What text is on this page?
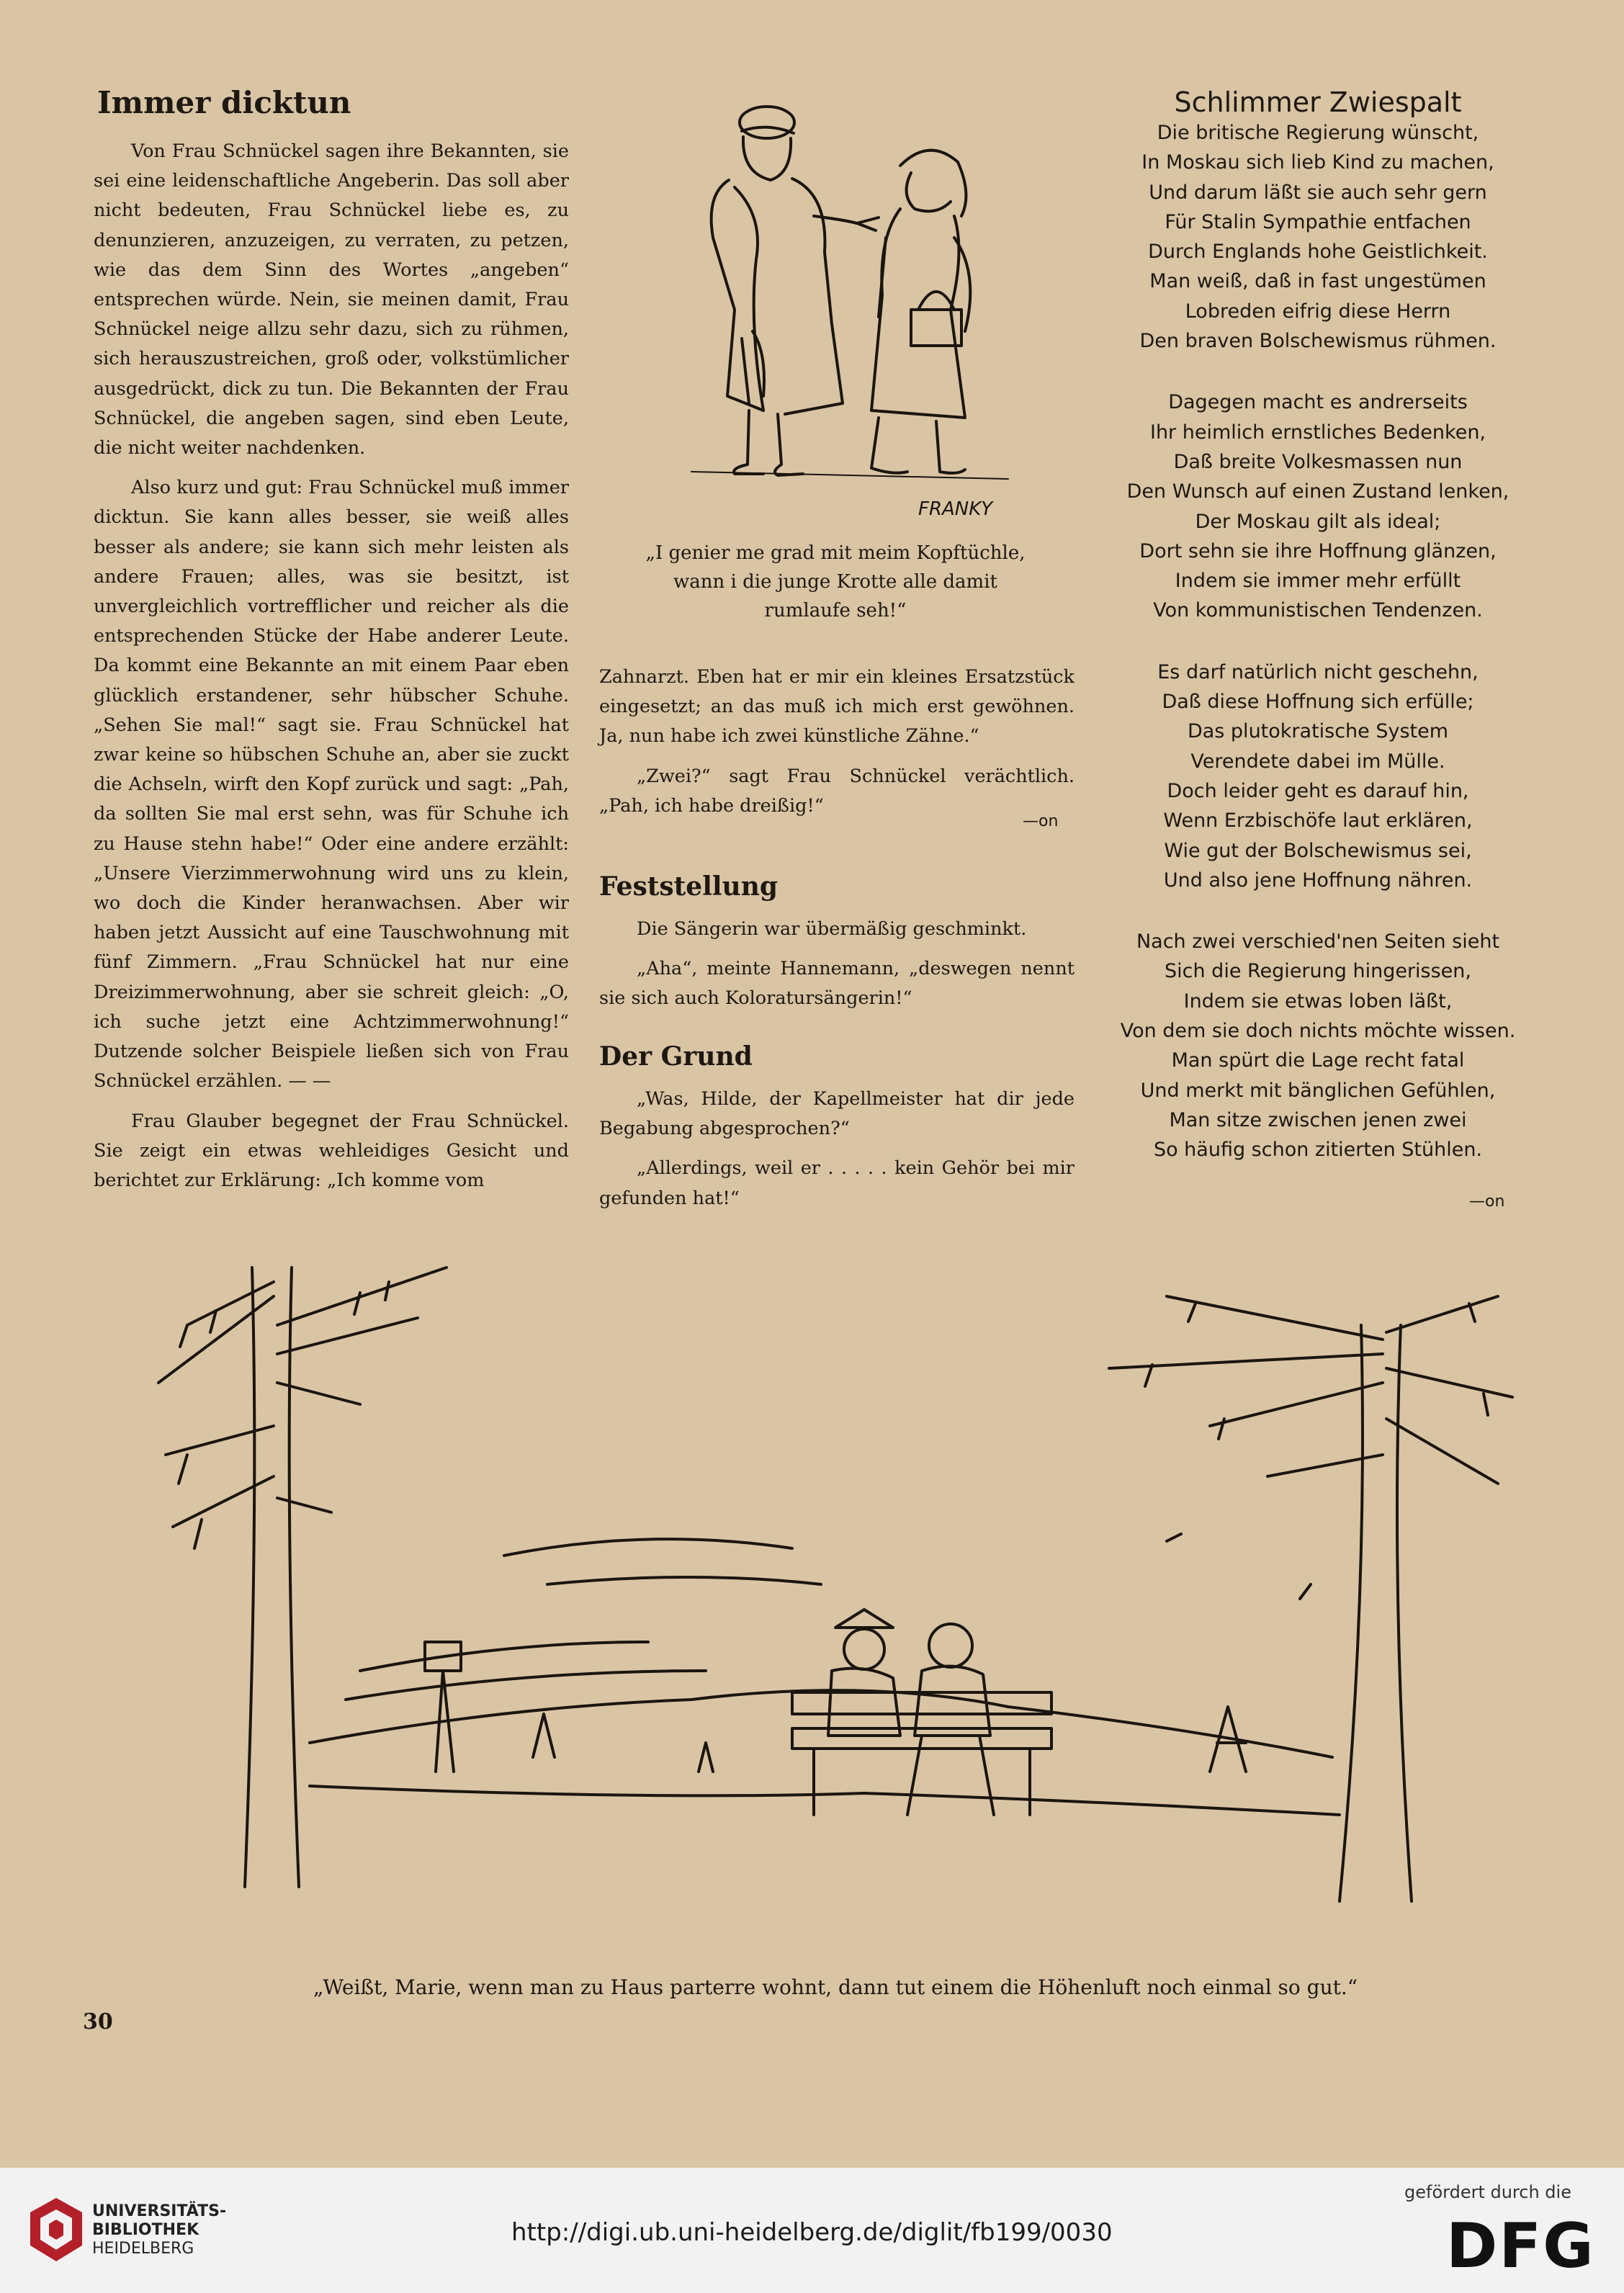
Immer dicktun

Von Frau Schnückel sagen ihre Bekannten, sie sei eine leidenschaftliche Angeberin. Das soll aber nicht bedeuten, Frau Schnückel liebe es, zu denunzieren, anzuzeigen, zu verraten, zu petzen, wie das dem Sinn des Wortes „angeben“ entsprechen würde. Nein, sie meinen damit, Frau Schnückel neige allzu sehr dazu, sich zu rühmen, sich herauszustreichen, groß oder, volkstümlicher ausgedrückt, dick zu tun. Die Bekannten der Frau Schnückel, die angeben sagen, sind eben Leute, die nicht weiter nachdenken.

Also kurz und gut: Frau Schnückel muß immer dicktun. Sie kann alles besser, sie weiß alles besser als andere; sie kann sich mehr leisten als andere Frauen; alles, was sie besitzt, ist unvergleichlich vortrefflicher und reicher als die entsprechenden Stücke der Habe anderer Leute. Da kommt eine Bekannte an mit einem Paar eben glücklich erstandener, sehr hübscher Schuhe. „Sehen Sie mal!“ sagt sie. Frau Schnückel hat zwar keine so hübschen Schuhe an, aber sie zuckt die Achseln, wirft den Kopf zurück und sagt: „Pah, da sollten Sie mal erst sehn, was für Schuhe ich zu Hause stehn habe!“ Oder eine andere erzählt: „Unsere Vierzimmerwohnung wird uns zu klein, wo doch die Kinder heranwachsen. Aber wir haben jetzt Aussicht auf eine Tauschwohnung mit fünf Zimmern. „Frau Schnückel hat nur eine Dreizimmerwohnung, aber sie schreit gleich: „O, ich suche jetzt eine Achtzimmerwohnung!“ Dutzende solcher Beispiele ließen sich von Frau Schnückel erzählen. — —

Frau Glauber begegnet der Frau Schnückel. Sie zeigt ein etwas wehleidiges Gesicht und berichtet zur Erklärung: „Ich komme vom

FRANKY
„I genier me grad mit meim Kopftüchle, wann i die junge Krotte alle damit rumlaufe seh!“

Zahnarzt. Eben hat er mir ein kleines Ersatzstück eingesetzt; an das muß ich mich erst gewöhnen. Ja, nun habe ich zwei künstliche Zähne.“

„Zwei?“ sagt Frau Schnückel verächtlich. „Pah, ich habe dreißig!“

—on
Feststellung

Die Sängerin war übermäßig geschminkt.

„Aha“, meinte Hannemann, „deswegen nennt sie sich auch Koloratursängerin!“

Der Grund

„Was, Hilde, der Kapellmeister hat dir jede Begabung abgesprochen?“

„Allerdings, weil er . . . . . kein Gehör bei mir gefunden hat!“

Schlimmer Zwiespalt
Die britische Regierung wünscht,
In Moskau sich lieb Kind zu machen,
Und darum läßt sie auch sehr gern
Für Stalin Sympathie entfachen
Durch Englands hohe Geistlichkeit.
Man weiß, daß in fast ungestümen
Lobreden eifrig diese Herrn
Den braven Bolschewismus rühmen.
Dagegen macht es andrerseits
Ihr heimlich ernstliches Bedenken,
Daß breite Volkesmassen nun
Den Wunsch auf einen Zustand lenken,
Der Moskau gilt als ideal;
Dort sehn sie ihre Hoffnung glänzen,
Indem sie immer mehr erfüllt
Von kommunistischen Tendenzen.
Es darf natürlich nicht geschehn,
Daß diese Hoffnung sich erfülle;
Das plutokratische System
Verendete dabei im Mülle.
Doch leider geht es darauf hin,
Wenn Erzbischöfe laut erklären,
Wie gut der Bolschewismus sei,
Und also jene Hoffnung nähren.
Nach zwei verschied'nen Seiten sieht
Sich die Regierung hingerissen,
Indem sie etwas loben läßt,
Von dem sie doch nichts möchte wissen.
Man spürt die Lage recht fatal
Und merkt mit bänglichen Gefühlen,
Man sitze zwischen jenen zwei
So häufig schon zitierten Stühlen.
—on
„Weißt, Marie, wenn man zu Haus parterre wohnt, dann tut einem die Höhenluft noch einmal so gut.“
30
UNIVERSITÄTS-
BIBLIOTHEK
HEIDELBERG
http://digi.ub.uni-heidelberg.de/diglit/fb199/0030
gefördert durch die
DFG
